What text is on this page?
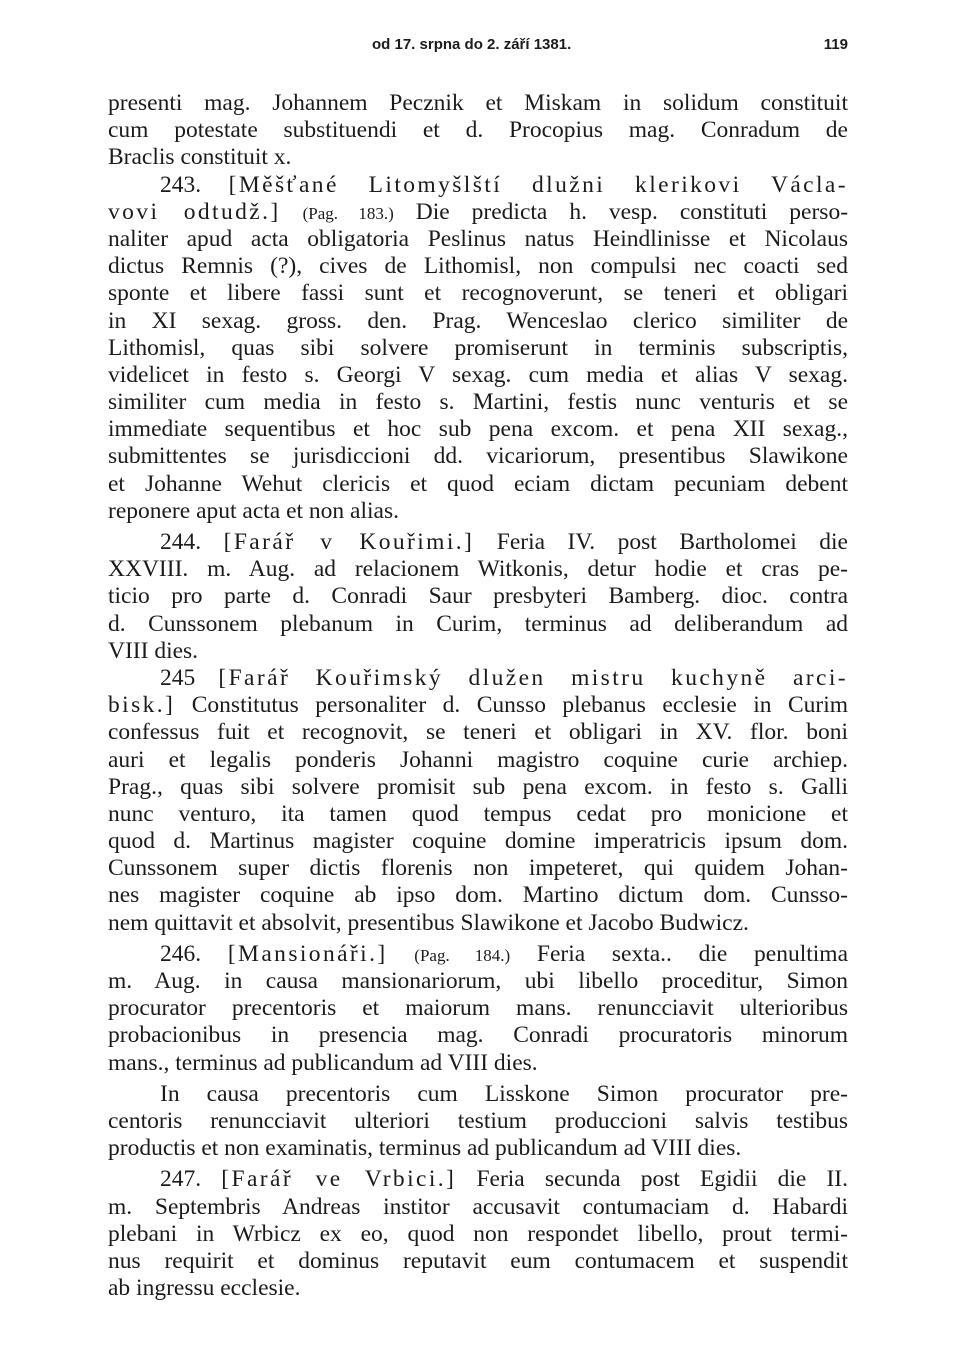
od 17. srpna do 2. září 1381.	119
presenti mag. Johannem Pecznik et Miskam in solidum constituit
cum potestate substituendi et d. Procopius mag. Conradum de
Braclis constituit x.
243. [Měšťané Litomyšlští dlužni klerikovi Václa-
vovi odtudž.] (Pag. 183.) Die predicta h. vesp. constituti perso-
naliter apud acta obligatoria Peslinus natus Heindlinisse et Nicolaus
dictus Remnis (?), cives de Lithomisl, non compulsi nec coacti sed
sponte et libere fassi sunt et recognoverunt, se teneri et obligari
in XI sexag. gross. den. Prag. Wenceslao clerico similiter de
Lithomisl, quas sibi solvere promiserunt in terminis subscriptis,
videlicet in festo s. Georgi V sexag. cum media et alias V sexag.
similiter cum media in festo s. Martini, festis nunc venturis et se
immediate sequentibus et hoc sub pena excom. et pena XII sexag.,
submittentes se jurisdiccioni dd. vicariorum, presentibus Slawikone
et Johanne Wehut clericis et quod eciam dictam pecuniam debent
reponere aput acta et non alias.
244. [Farář v Kouřimi.] Feria IV. post Bartholomei die
XXVIII. m. Aug. ad relacionem Witkonis, detur hodie et cras pe-
ticio pro parte d. Conradi Saur presbyteri Bamberg. dioc. contra
d. Cunssonem plebanum in Curim, terminus ad deliberandum ad
VIII dies.
245 [Farář Kouřimský dlužen mistru kuchyně arci-
bisk.] Constitutus personaliter d. Cunsso plebanus ecclesie in Curim
confessus fuit et recognovit, se teneri et obligari in XV. flor. boni
auri et legalis ponderis Johanni magistro coquine curie archiep.
Prag., quas sibi solvere promisit sub pena excom. in festo s. Galli
nunc venturo, ita tamen quod tempus cedat pro monicione et
quod d. Martinus magister coquine domine imperatricis ipsum dom.
Cunssonem super dictis florenis non impeteret, qui quidem Johan-
nes magister coquine ab ipso dom. Martino dictum dom. Cunsso-
nem quittavit et absolvit, presentibus Slawikone et Jacobo Budwicz.
246. [Mansionáři.] (Pag. 184.) Feria sexta.. die penultima
m. Aug. in causa mansionariorum, ubi libello proceditur, Simon
procurator precentoris et maiorum mans. renuncciavit ulterioribus
probacionibus in presencia mag. Conradi procuratoris minorum
mans., terminus ad publicandum ad VIII dies.
In causa precentoris cum Lisskone Simon procurator pre-
centoris renuncciavit ulteriori testium produccioni salvis testibus
productis et non examinatis, terminus ad publicandum ad VIII dies.
247. [Farář ve Vrbici.] Feria secunda post Egidii die II.
m. Septembris Andreas institor accusavit contumaciam d. Habardi
plebani in Wrbicz ex eo, quod non respondet libello, prout termi-
nus requirit et dominus reputavit eum contumacem et suspendit
ab ingressu ecclesie.
